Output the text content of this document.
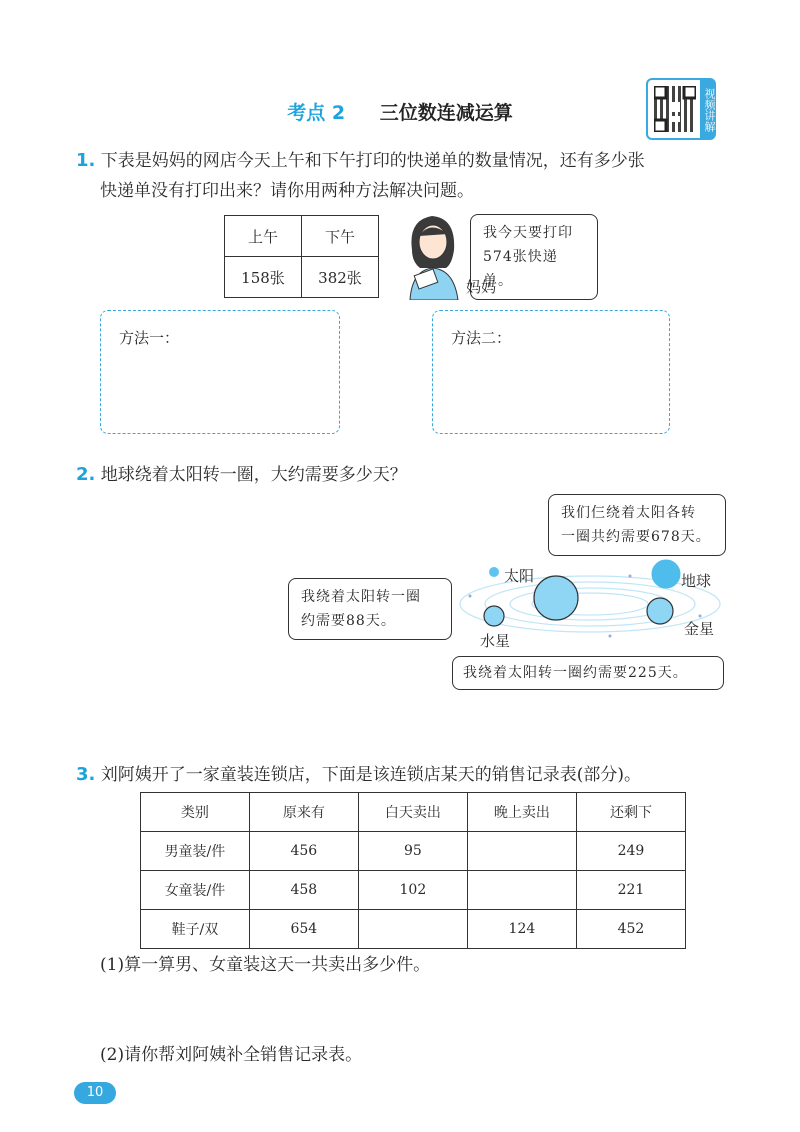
考点 2 三位数连减运算	视频讲解
1. 下表是妈妈的网店今天上午和下午打印的快递单的数量情况，还有多少张
快递单没有打印出来？请你用两种方法解决问题。
上午	下午
158张	382张
我今天要打印
574张快递单。
妈妈
方法一：	方法二：
2. 地球绕着太阳转一圈，大约需要多少天？
太阳	地球
水星
金星
我们仨绕着太阳各转
一圈共约需要678天。
我绕着太阳转一圈
约需要88天。
我绕着太阳转一圈约需要225天。
3. 刘阿姨开了一家童装连锁店，下面是该连锁店某天的销售记录表(部分)。
类别	原来有	白天卖出	晚上卖出	还剩下
男童装/件	456	95		249
女童装/件	458	102		221
鞋子/双	654		124	452
(1)算一算男、女童装这天一共卖出多少件。
(2)请你帮刘阿姨补全销售记录表。
10
